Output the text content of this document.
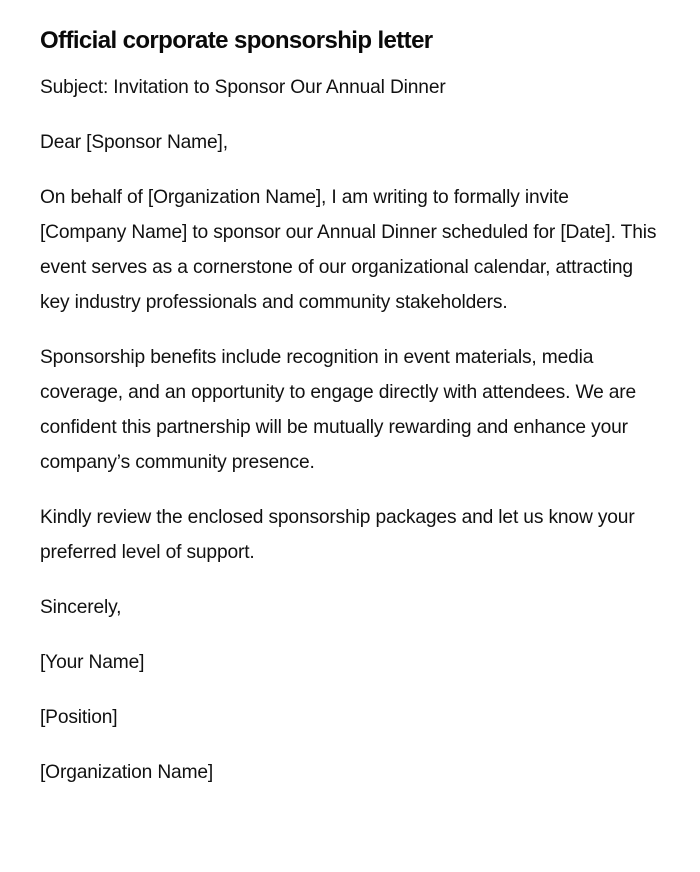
Official corporate sponsorship letter

Subject: Invitation to Sponsor Our Annual Dinner

Dear [Sponsor Name],

On behalf of [Organization Name], I am writing to formally invite [Company Name] to sponsor our Annual Dinner scheduled for [Date]. This event serves as a cornerstone of our organizational calendar, attracting key industry professionals and community stakeholders.

Sponsorship benefits include recognition in event materials, media coverage, and an opportunity to engage directly with attendees. We are confident this partnership will be mutually rewarding and enhance your company’s community presence.

Kindly review the enclosed sponsorship packages and let us know your preferred level of support.

Sincerely,

[Your Name]

[Position]

[Organization Name]
